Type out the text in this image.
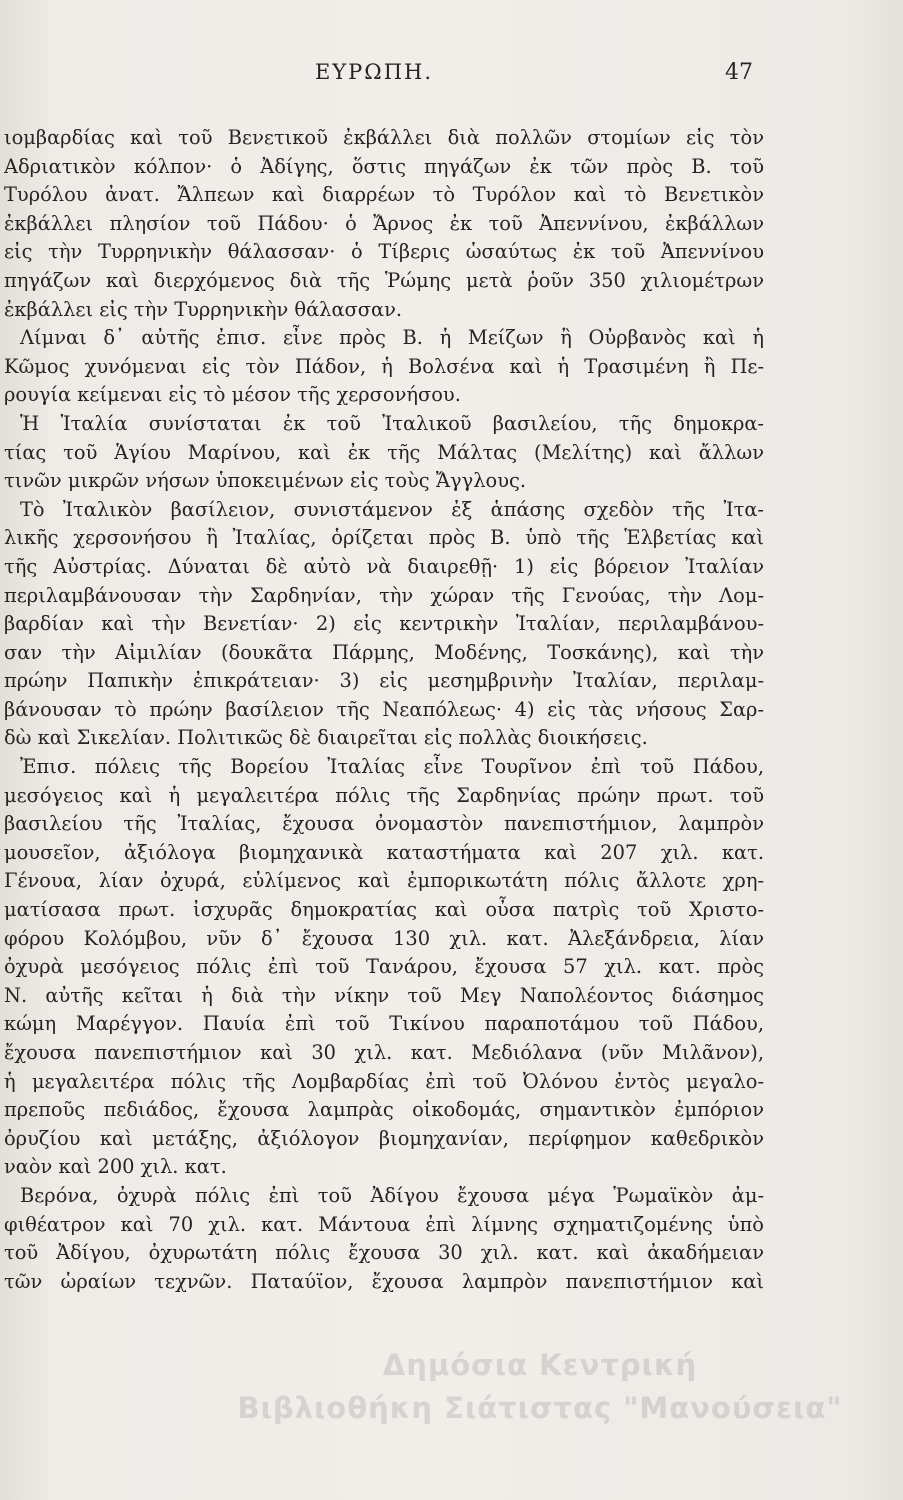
ΕΥΡΩΠΗ.	47

ιομβαρδίας καὶ τοῦ Βενετικοῦ ἐκβάλλει διὰ πολλῶν στομίων εἰς τὸν

Αδριατικὸν κόλπον· ὁ Ἀδίγης, ὅστις πηγάζων ἐκ τῶν πρὸς Β. τοῦ

Τυρόλου ἀνατ. Ἄλπεων καὶ διαρρέων τὸ Τυρόλον καὶ τὸ Βενετικὸν

ἐκβάλλει πλησίον τοῦ Πάδου· ὁ Ἄρνος ἐκ τοῦ Ἀπεννίνου, ἐκβάλλων

εἰς τὴν Τυρρηνικὴν θάλασσαν· ὁ Τίβερις ὡσαύτως ἐκ τοῦ Ἀπεννίνου

πηγάζων καὶ διερχόμενος διὰ τῆς Ῥώμης μετὰ ῥοῦν 350 χιλιομέτρων

ἐκβάλλει εἰς τὴν Τυρρηνικὴν θάλασσαν.

Λίμναι δ᾽ αὐτῆς ἐπισ. εἶνε πρὸς Β. ἡ Μείζων ἢ Οὐρβανὸς καὶ ἡ

Κῶμος χυνόμεναι εἰς τὸν Πάδον, ἡ Βολσένα καὶ ἡ Τρασιμένη ἢ Πε-

ρουγία κείμεναι εἰς τὸ μέσον τῆς χερσονήσου.

Ἡ Ἰταλία συνίσταται ἐκ τοῦ Ἰταλικοῦ βασιλείου, τῆς δημοκρα-

τίας τοῦ Ἁγίου Μαρίνου, καὶ ἐκ τῆς Μάλτας (Μελίτης) καὶ ἄλλων

τινῶν μικρῶν νήσων ὑποκειμένων εἰς τοὺς Ἄγγλους.

Τὸ Ἰταλικὸν βασίλειον, συνιστάμενον ἐξ ἁπάσης σχεδὸν τῆς Ἰτα-

λικῆς χερσονήσου ἢ Ἰταλίας, ὁρίζεται πρὸς Β. ὑπὸ τῆς Ἑλβετίας καὶ

τῆς Αὐστρίας. Δύναται δὲ αὐτὸ νὰ διαιρεθῇ· 1) εἰς βόρειον Ἰταλίαν

περιλαμβάνουσαν τὴν Σαρδηνίαν, τὴν χώραν τῆς Γενούας, τὴν Λομ-

βαρδίαν καὶ τὴν Βενετίαν· 2) εἰς κεντρικὴν Ἰταλίαν, περιλαμβάνου-

σαν τὴν Αἰμιλίαν (δουκᾶτα Πάρμης, Μοδένης, Τοσκάνης), καὶ τὴν

πρώην Παπικὴν ἐπικράτειαν· 3) εἰς μεσημβρινὴν Ἰταλίαν, περιλαμ-

βάνουσαν τὸ πρώην βασίλειον τῆς Νεαπόλεως· 4) εἰς τὰς νήσους Σαρ-

δὼ καὶ Σικελίαν. Πολιτικῶς δὲ διαιρεῖται εἰς πολλὰς διοικήσεις.

Ἐπισ. πόλεις τῆς Βορείου Ἰταλίας εἶνε Τουρῖνον ἐπὶ τοῦ Πάδου,

μεσόγειος καὶ ἡ μεγαλειτέρα πόλις τῆς Σαρδηνίας πρώην πρωτ. τοῦ

βασιλείου τῆς Ἰταλίας, ἔχουσα ὀνομαστὸν πανεπιστήμιον, λαμπρὸν

μουσεῖον, ἀξιόλογα βιομηχανικὰ καταστήματα καὶ 207 χιλ. κατ.

Γένουα, λίαν ὀχυρά, εὐλίμενος καὶ ἐμπορικωτάτη πόλις ἄλλοτε χρη-

ματίσασα πρωτ. ἰσχυρᾶς δημοκρατίας καὶ οὖσα πατρὶς τοῦ Χριστο-

φόρου Κολόμβου, νῦν δ᾽ ἔχουσα 130 χιλ. κατ. Ἀλεξάνδρεια, λίαν

ὀχυρὰ μεσόγειος πόλις ἐπὶ τοῦ Τανάρου, ἔχουσα 57 χιλ. κατ. πρὸς

Ν. αὐτῆς κεῖται ἡ διὰ τὴν νίκην τοῦ Μεγ Ναπολέοντος διάσημος

κώμη Μαρέγγον. Παυία ἐπὶ τοῦ Τικίνου παραποτάμου τοῦ Πάδου,

ἔχουσα πανεπιστήμιον καὶ 30 χιλ. κατ. Μεδιόλανα (νῦν Μιλᾶνον),

ἡ μεγαλειτέρα πόλις τῆς Λομβαρδίας ἐπὶ τοῦ Ὀλόνου ἐντὸς μεγαλο-

πρεποῦς πεδιάδος, ἔχουσα λαμπρὰς οἰκοδομάς, σημαντικὸν ἐμπόριον

ὀρυζίου καὶ μετάξης, ἀξιόλογον βιομηχανίαν, περίφημον καθεδρικὸν

ναὸν καὶ 200 χιλ. κατ.

Βερόνα, ὀχυρὰ πόλις ἐπὶ τοῦ Ἀδίγου ἔχουσα μέγα Ῥωμαϊκὸν ἀμ-

φιθέατρον καὶ 70 χιλ. κατ. Μάντουα ἐπὶ λίμνης σχηματιζομένης ὑπὸ

τοῦ Ἀδίγου, ὀχυρωτάτη πόλις ἔχουσα 30 χιλ. κατ. καὶ ἀκαδήμειαν

τῶν ὡραίων τεχνῶν. Παταύϊον, ἔχουσα λαμπρὸν πανεπιστήμιον καὶ

Δημόσια Κεντρική
Βιβλιοθήκη Σιάτιστας "Μανούσεια"
